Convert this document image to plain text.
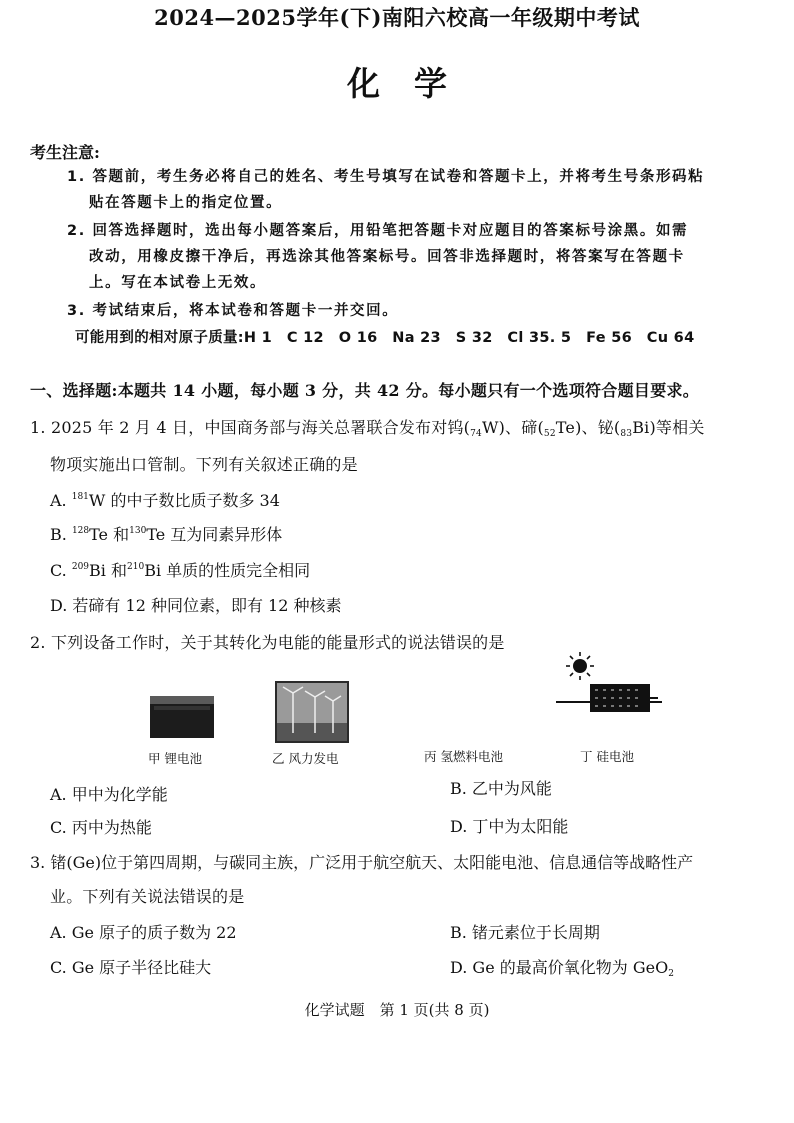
2024—2025学年(下)南阳六校高一年级期中考试
化学
考生注意:
1. 答题前，考生务必将自己的姓名、考生号填写在试卷和答题卡上，并将考生号条形码粘
贴在答题卡上的指定位置。
2. 回答选择题时，选出每小题答案后，用铅笔把答题卡对应题目的答案标号涂黑。如需
改动，用橡皮擦干净后，再选涂其他答案标号。回答非选择题时，将答案写在答题卡
上。写在本试卷上无效。
3. 考试结束后，将本试卷和答题卡一并交回。
可能用到的相对原子质量:H 1　C 12　O 16　Na 23　S 32　Cl 35. 5　Fe 56　Cu 64
一、选择题:本题共 14 小题，每小题 3 分，共 42 分。每小题只有一个选项符合题目要求。
1. 2025 年 2 月 4 日，中国商务部与海关总署联合发布对钨$(_{74}W)$、碲$(_{52}Te)$、铋$(_{83}Bi)$等相关
物项实施出口管制。下列有关叙述正确的是
A. $^{181}$W 的中子数比质子数多 34
B. $^{128}$Te 和$^{130}$Te 互为同素异形体
C. $^{209}$Bi 和$^{210}$Bi 单质的性质完全相同
D. 若碲有 12 种同位素，即有 12 种核素
2. 下列设备工作时，关于其转化为电能的能量形式的说法错误的是
甲 锂电池	乙 风力发电	丙 氢燃料电池	丁 硅电池
A. 甲中为化学能	B. 乙中为风能
C. 丙中为热能	D. 丁中为太阳能
3. 锗(Ge)位于第四周期，与碳同主族，广泛用于航空航天、太阳能电池、信息通信等战略性产
业。下列有关说法错误的是
A. Ge 原子的质子数为 22	B. 锗元素位于长周期
C. Ge 原子半径比硅大	D. Ge 的最高价氧化物为 GeO$_2$
化学试题　第 1 页(共 8 页)
